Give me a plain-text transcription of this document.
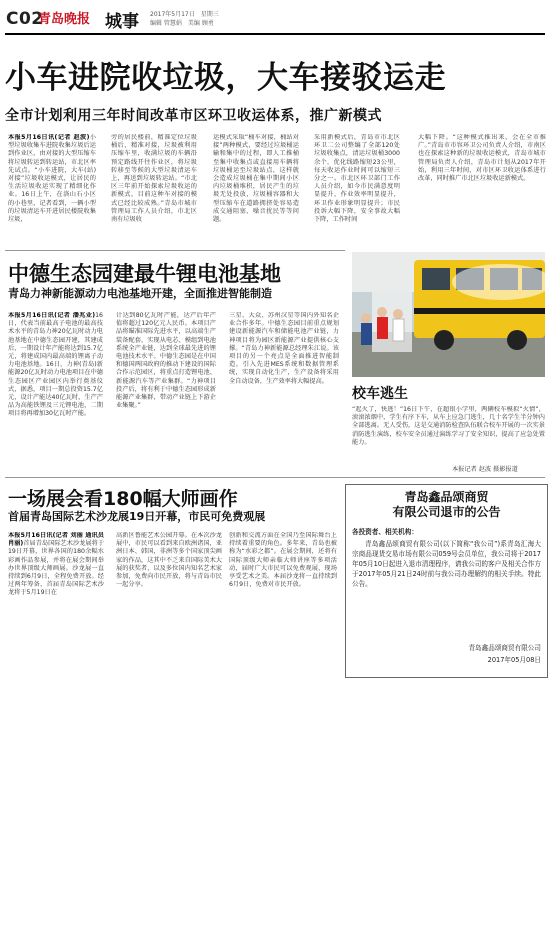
C02
青岛晚报 城事 2017年5月17日　星期三
编辑 管慧娟　美编 顾勇
小车进院收垃圾，大车接驳运走
全市计划利用三年时间改革市区环卫收运体系，推广新模式
本报5月16日讯(记者 赵波)小型垃圾收集车进院收集垃圾后运到作业区，由对接的大型压缩车将垃圾转运到转运站，市北区率先试点。“小车进院，大车(站)对接”垃圾收运模式，让居民的生活垃圾收运实现了精细化作业。16日上午，在洛山石小区的小巷里，记者看到，一辆小型的垃圾清运车开进居民楼院收集垃圾，
旁的居民楼前，精准定位垃圾桶后，精准对接，垃圾被利用压缩车里，收满垃圾的车辆沿预定路线开往作业区，将垃圾转移至等候的大型垃圾清运车上，再送到垃圾转运站。“市北区三年前开始探索垃圾收运的新模式，目前这种车对接的模式已经比较成熟。”青岛市城市管理局工作人员介绍，市北区南有垃圾收
运模式采取“桶车对接，桶站对接”两种模式，要经过垃圾桶运输和集中的过程，即人工推桶至集中收集点或直接用车辆将垃圾桶运至垃圾站点，这样就会造成垃圾桶在集中期间小区内垃圾桶堆积，居民产生的垃圾无处投放，垃圾桶容器和大型压缩车在道路拥挤处容易造成交通阻塞、噪音扰民等等问题。
采用新模式后，青岛市市北区环卫二公司整编了全部120处垃圾收集点，清运垃圾桶3000余个，优化线路缩短23公里，每天收运作业时间可以缩短三分之一。市北区环卫部门工作人员介绍，如今市民满意度明显提升，作业效率明显提升，环卫作业形象明显提升；市民投诉大幅下降，安全事故大幅下降，工作时间
大幅下降。“这种模式推出来，会在全市推广。”青岛市市容环卫公司负责人介绍，市南区也在探索这种新的垃圾收运模式，青岛市城市管理局负责人介绍，青岛市计划从2017年开始，利用三年时间，对市区环卫收运体系进行改革，同时推广市北区垃圾收运新模式。
中德生态园建最牛锂电池基地
青岛力神新能源动力电池基地开建，全面推进智能制造
本报5月16日讯(记者 潘兆业)16日，代表当前最高子电池的最高技术水平的青岛力神20亿瓦时动力电池基地在中德生态园开建，其建成后，一期设计年产能将达到15.7亿元，将建成国内最高端的锂离子动力电池基地。16日，力神(青岛)新能源20亿瓦时动力电池项目在中德生态园区产业园区内举行奠基仪式，据悉，项目一期总投资15.7亿元，设计产能达40亿瓦时，生产产品为高能铁锂及三元锂电池，二期项目将再增加30亿瓦时产能。
计达到80亿瓦时产能，达产后年产值将超过120亿元人民币。本项目产品将瞄准国际先进水平，以高端生产装备配套，实现从电芯、模组到电池系统全产业链，达到全球最先进的锂电池技术水平。中德生态园是在中国和德国两国政府的推动下建设的国际合作示范园区，将重点打造锂电池、新能源汽车等产业集群。“力神项目投产后，将有利于中德生态园形成新能源产业集群，带动产业链上下游企业集聚。”
三星、大众、苏州汉星等国内外知名企业合作多年。中德生态园目前重点规划建设新能源汽车和储能电池产业链，力神项目将为园区新能源产业提供核心支撑。“青岛力神新能源总经理朱江说。该项目的另一个亮点是全面推进智能制造，引入先进MES系统和数据管理系统，实现自动化生产，生产设备将采用全自动设备，生产效率将大幅提高。
校车逃生
“起火了，快逃！”16日下午，在超银小学里，两辆校车模拟“火情”，滚滚浓烟中，学生有序下车，从车上应急门逃生，几十名学生半分钟内全部逃离。无人受伤，这是交通消防检查队伍联合校车开展的一次实景消防逃生演练，校车安全员通过演练学习了安全知识，提高了应急处置能力。
本报记者 赵波 摄影报道
一场展会看180幅大师画作
首届青岛国际艺术沙龙展19日开幕，市民可免费观展
本报5月16日讯(记者 刘丽 通讯员 肖丽)首届青岛国际艺术沙龙展将于19日开幕，世界各国的180余幅水彩画作品参展，并将在展会期间举办世界顶级大师画展。沙龙展一直持续到6月9日，全程免费开放。经过两年筹备，首届青岛国际艺术沙龙将于5月19日在
高新区鲁能艺术公园开幕。在本次沙龙展中，市民可以看到来自欧洲诸国，亚洲日本、韩国，非洲等多个国家顶尖画家的作品，这其中不乏来自国际美术大展的获奖者，以及多位国内知名艺术家参加，免费向市民开放，将与青岛市民一起分享。
创新和交流方面在全国乃至国际舞台上持续着重要的角色。多年来，青岛也被称为“水彩之都”。在展会期间，还将有国际顶级大师亲临大师讲座等多项活动，届时广大市民可以免费观展，现场享受艺术之美。本届沙龙将一直持续到6月9日，免费对市民开放。
青岛鑫品颂商贸
有限公司退市的公告
各投资者、相关机构：
青岛鑫品颂商贸有限公司(以下简称“我公司”)系青岛汇海大宗商品现货交易市场有限公司059号会员单位，我公司将于2017年05月10日起进入退市清理程序，请我公司的客户及相关合作方于2017年05月21日24时前与我公司办理解约的相关手续。特此公告。
青岛鑫品颂商贸有限公司
2017年05月08日
